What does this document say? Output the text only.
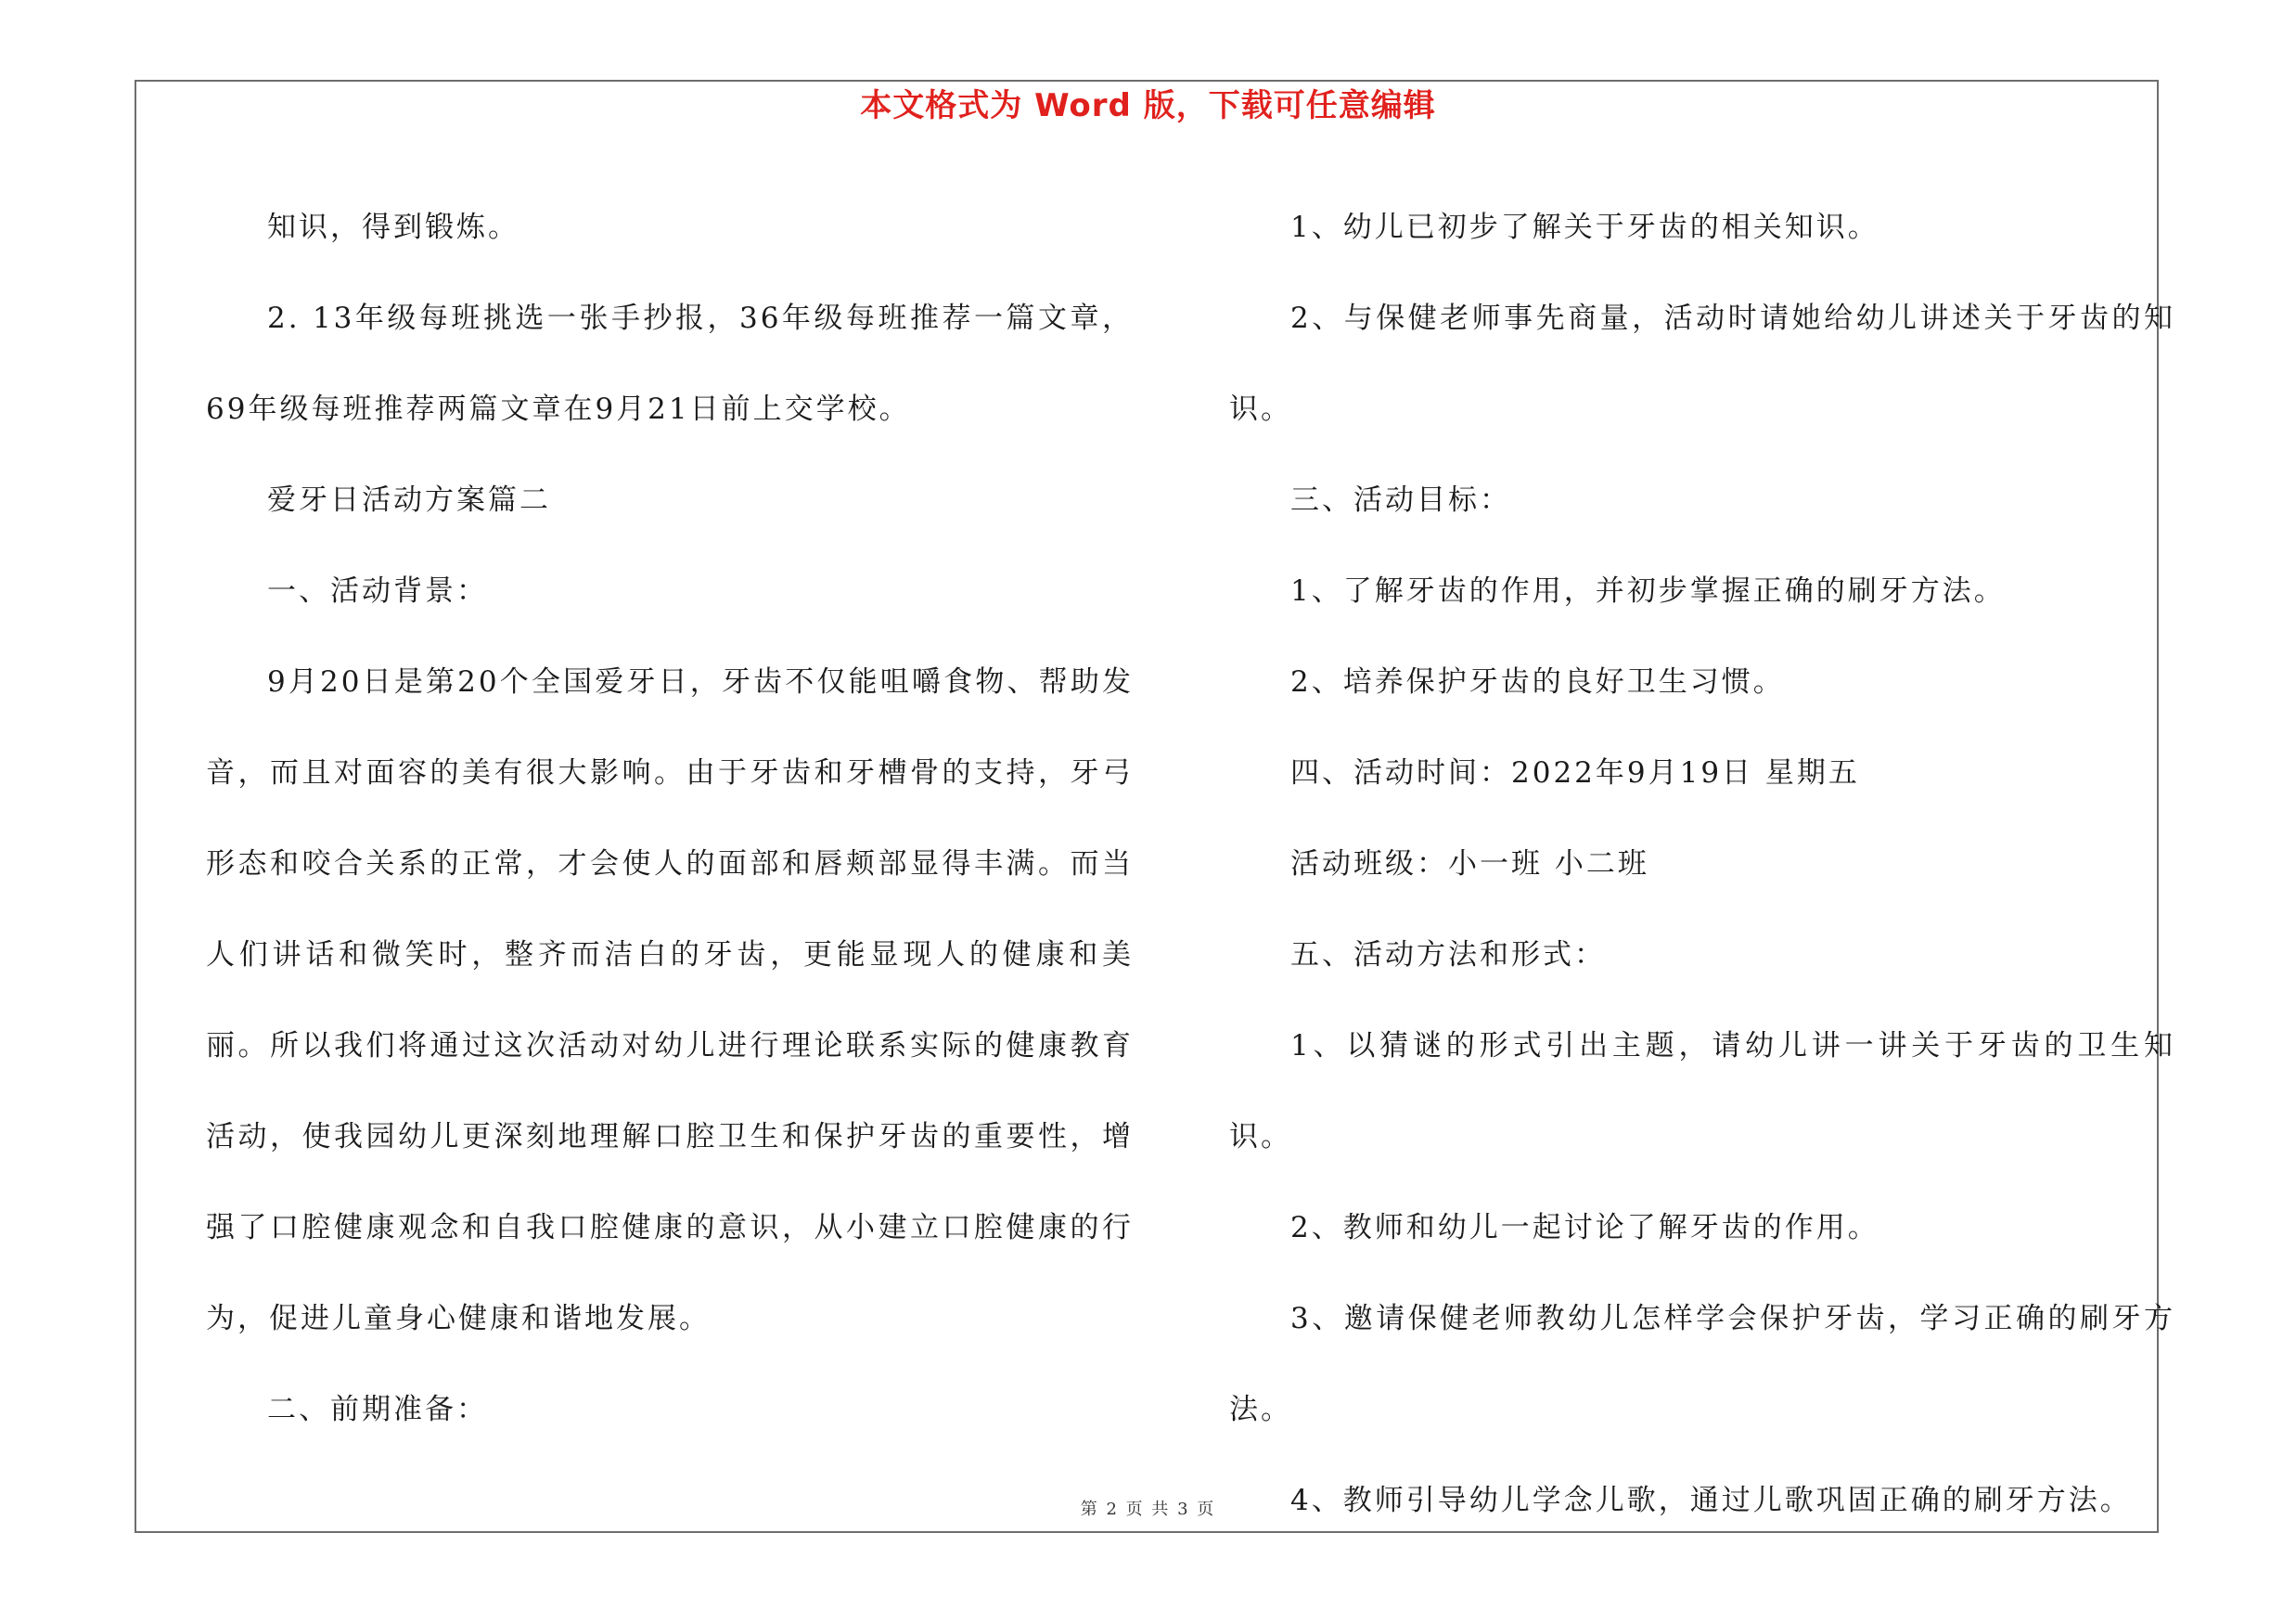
本文格式为 Word 版，下载可任意编辑

知识，得到锻炼。

2. 13年级每班挑选一张手抄报，36年级每班推荐一篇文章，69年级每班推荐两篇文章在9月21日前上交学校。

爱牙日活动方案篇二

一、活动背景：

9月20日是第20个全国爱牙日，牙齿不仅能咀嚼食物、帮助发音，而且对面容的美有很大影响。由于牙齿和牙槽骨的支持，牙弓形态和咬合关系的正常，才会使人的面部和唇颊部显得丰满。而当人们讲话和微笑时，整齐而洁白的牙齿，更能显现人的健康和美丽。所以我们将通过这次活动对幼儿进行理论联系实际的健康教育活动，使我园幼儿更深刻地理解口腔卫生和保护牙齿的重要性，增强了口腔健康观念和自我口腔健康的意识，从小建立口腔健康的行为，促进儿童身心健康和谐地发展。

二、前期准备：

1、幼儿已初步了解关于牙齿的相关知识。

2、与保健老师事先商量，活动时请她给幼儿讲述关于牙齿的知识。

三、活动目标：

1、了解牙齿的作用，并初步掌握正确的刷牙方法。

2、培养保护牙齿的良好卫生习惯。

四、活动时间：2022年9月19日 星期五

活动班级：小一班 小二班

五、活动方法和形式：

1、以猜谜的形式引出主题，请幼儿讲一讲关于牙齿的卫生知识。

2、教师和幼儿一起讨论了解牙齿的作用。

3、邀请保健老师教幼儿怎样学会保护牙齿，学习正确的刷牙方法。

4、教师引导幼儿学念儿歌，通过儿歌巩固正确的刷牙方法。

第 2 页 共 3 页
